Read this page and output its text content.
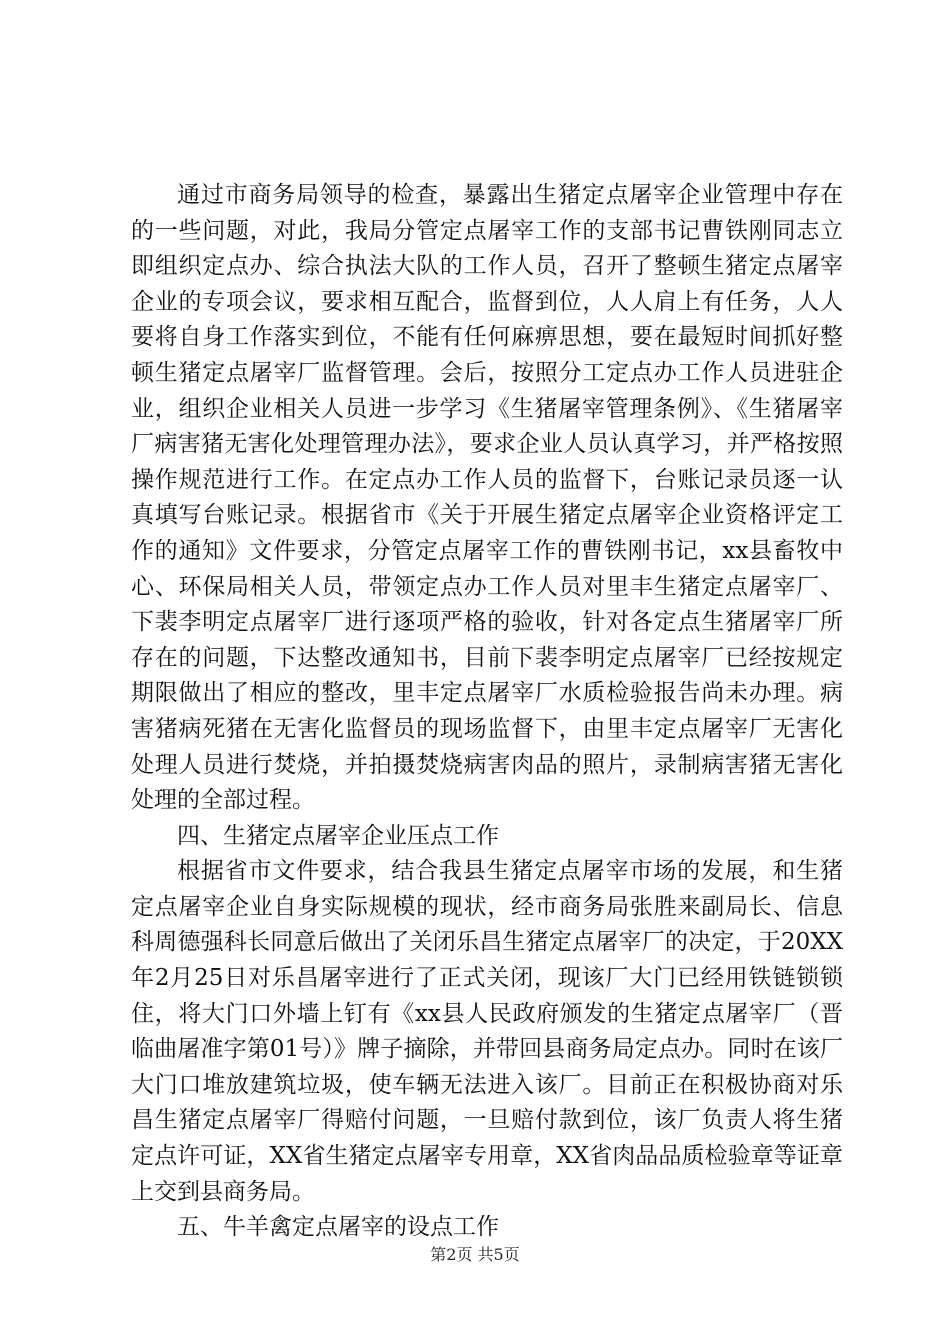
通过市商务局领导的检查，暴露出生猪定点屠宰企业管理中存在的一些问题，对此，我局分管定点屠宰工作的支部书记曹铁刚同志立即组织定点办、综合执法大队的工作人员，召开了整顿生猪定点屠宰企业的专项会议，要求相互配合，监督到位，人人肩上有任务，人人要将自身工作落实到位，不能有任何麻痹思想，要在最短时间抓好整顿生猪定点屠宰厂监督管理。会后，按照分工定点办工作人员进驻企业，组织企业相关人员进一步学习《生猪屠宰管理条例》、《生猪屠宰厂病害猪无害化处理管理办法》，要求企业人员认真学习，并严格按照操作规范进行工作。在定点办工作人员的监督下，台账记录员逐一认真填写台账记录。根据省市《关于开展生猪定点屠宰企业资格评定工作的通知》文件要求，分管定点屠宰工作的曹铁刚书记，xx县畜牧中心、环保局相关人员，带领定点办工作人员对里丰生猪定点屠宰厂、下裴李明定点屠宰厂进行逐项严格的验收，针对各定点生猪屠宰厂所存在的问题，下达整改通知书，目前下裴李明定点屠宰厂已经按规定期限做出了相应的整改，里丰定点屠宰厂水质检验报告尚未办理。病害猪病死猪在无害化监督员的现场监督下，由里丰定点屠宰厂无害化处理人员进行焚烧，并拍摄焚烧病害肉品的照片，录制病害猪无害化处理的全部过程。

四、生猪定点屠宰企业压点工作

根据省市文件要求，结合我县生猪定点屠宰市场的发展，和生猪定点屠宰企业自身实际规模的现状，经市商务局张胜来副局长、信息科周德强科长同意后做出了关闭乐昌生猪定点屠宰厂的决定，于20XX年2月25日对乐昌屠宰进行了正式关闭，现该厂大门已经用铁链锁锁住，将大门口外墙上钉有《xx县人民政府颁发的生猪定点屠宰厂（晋临曲屠准字第01号）》牌子摘除，并带回县商务局定点办。同时在该厂大门口堆放建筑垃圾，使车辆无法进入该厂。目前正在积极协商对乐昌生猪定点屠宰厂得赔付问题，一旦赔付款到位，该厂负责人将生猪定点许可证，XX省生猪定点屠宰专用章，XX省肉品品质检验章等证章上交到县商务局。

五、牛羊禽定点屠宰的设点工作

第2页 共5页
